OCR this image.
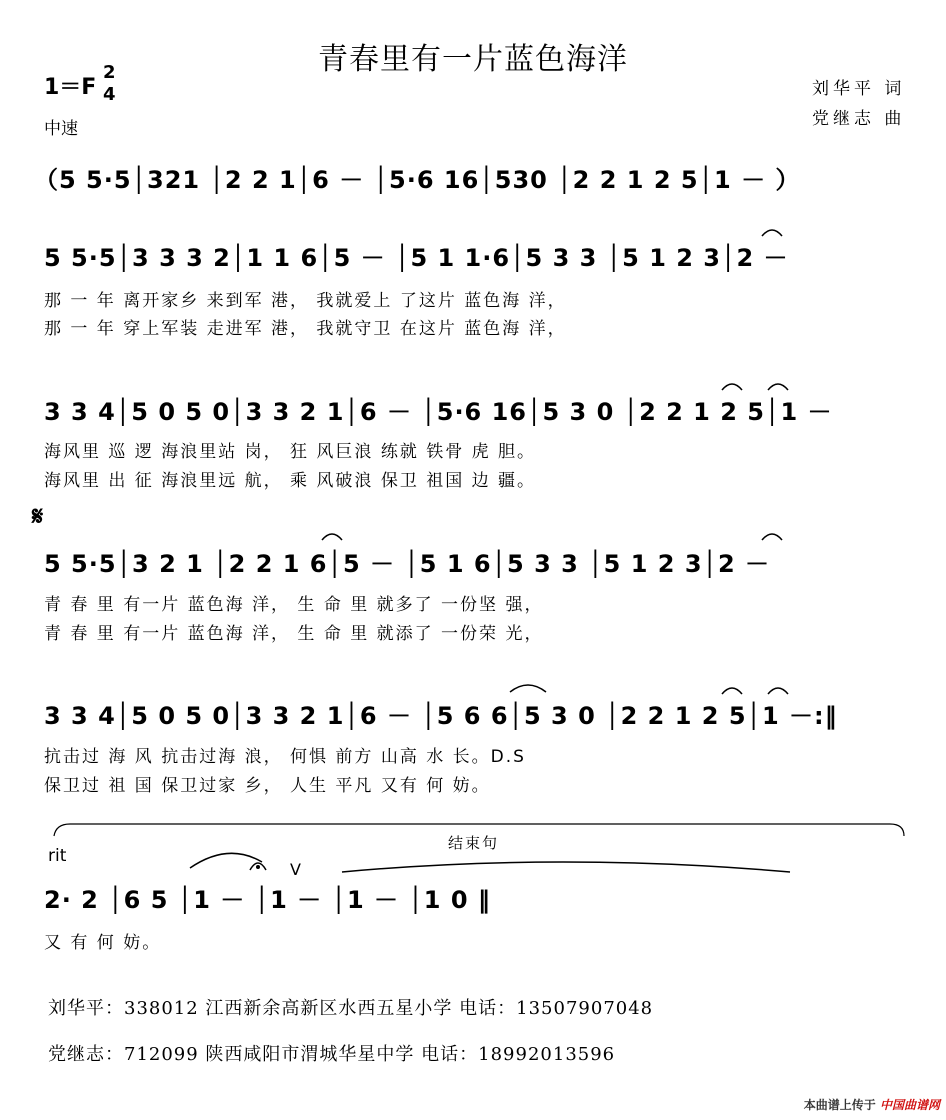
青春里有一片蓝色海洋
1＝F
2
4
中速
刘华平 词
党继志 曲
（5 5·5│321 │2 2 1│6 － │5·6 16│530 │2 2 1 2 5│1 － ）
5 5·5│3 3 3 2│1 1 6│5 － │5 1 1·6│5 3 3 │5 1 2 3│2 －
那 一 年 离开家乡 来到军 港， 我就爱上 了这片 蓝色海 洋，
那 一 年 穿上军装 走进军 港， 我就守卫 在这片 蓝色海 洋，
3 3 4│5 0 5 0│3 3 2 1│6 － │5·6 16│5 3 0 │2 2 1 2 5│1 －
海风里 巡 逻 海浪里站 岗， 狂 风巨浪 练就 铁骨 虎 胆。
海风里 出 征 海浪里远 航， 乘 风破浪 保卫 祖国 边 疆。
𝄋
5 5·5│3 2 1 │2 2 1 6│5 － │5 1 6│5 3 3 │5 1 2 3│2 －
青 春 里 有一片 蓝色海 洋， 生 命 里 就多了 一份坚 强，
青 春 里 有一片 蓝色海 洋， 生 命 里 就添了 一份荣 光，
3 3 4│5 0 5 0│3 3 2 1│6 － │5 6 6│5 3 0 │2 2 1 2 5│1 －:‖
抗击过 海 风 抗击过海 浪， 何惧 前方 山高 水 长。D.S
保卫过 祖 国 保卫过家 乡， 人生 平凡 又有 何 妨。
结束句
rit
V
2· 2 │6 5 │1 － │1 － │1 － │1 0 ‖
又 有 何 妨。
刘华平：338012 江西新余高新区水西五星小学 电话：13507907048
党继志：712099 陕西咸阳市渭城华星中学 电话：18992013596
本曲谱上传于 中国曲谱网
